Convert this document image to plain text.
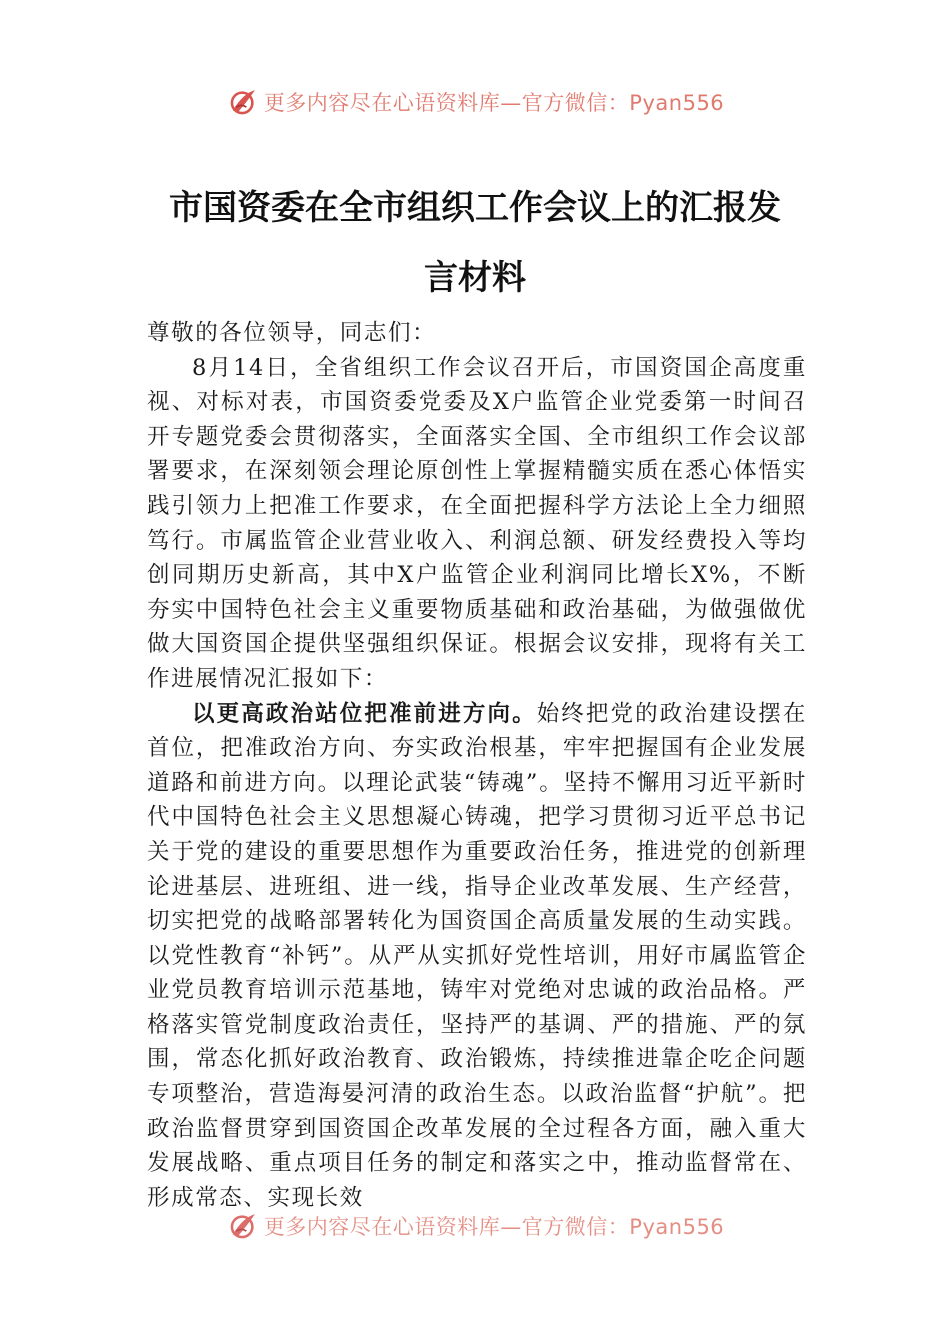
更多内容尽在心语资料库—官方微信：Pyan556
市国资委在全市组织工作会议上的汇报发
言材料

尊敬的各位领导，同志们：

8月14日，全省组织工作会议召开后，市国资国企高度重视、对标对表，市国资委党委及X户监管企业党委第一时间召开专题党委会贯彻落实，全面落实全国、全市组织工作会议部署要求，在深刻领会理论原创性上掌握精髓实质在悉心体悟实践引领力上把准工作要求，在全面把握科学方法论上全力细照笃行。市属监管企业营业收入、利润总额、研发经费投入等均创同期历史新高，其中X户监管企业利润同比增长X%，不断夯实中国特色社会主义重要物质基础和政治基础，为做强做优做大国资国企提供坚强组织保证。根据会议安排，现将有关工作进展情况汇报如下：

以更高政治站位把准前进方向。始终把党的政治建设摆在首位，把准政治方向、夯实政治根基，牢牢把握国有企业发展道路和前进方向。以理论武装“铸魂”。坚持不懈用习近平新时代中国特色社会主义思想凝心铸魂，把学习贯彻习近平总书记关于党的建设的重要思想作为重要政治任务，推进党的创新理论进基层、进班组、进一线，指导企业改革发展、生产经营，切实把党的战略部署转化为国资国企高质量发展的生动实践。以党性教育“补钙”。从严从实抓好党性培训，用好市属监管企业党员教育培训示范基地，铸牢对党绝对忠诚的政治品格。严格落实管党制度政治责任，坚持严的基调、严的措施、严的氛围，常态化抓好政治教育、政治锻炼，持续推进靠企吃企问题专项整治，营造海晏河清的政治生态。以政治监督“护航”。把政治监督贯穿到国资国企改革发展的全过程各方面，融入重大发展战略、重点项目任务的制定和落实之中，推动监督常在、形成常态、实现长效

更多内容尽在心语资料库—官方微信：Pyan556
